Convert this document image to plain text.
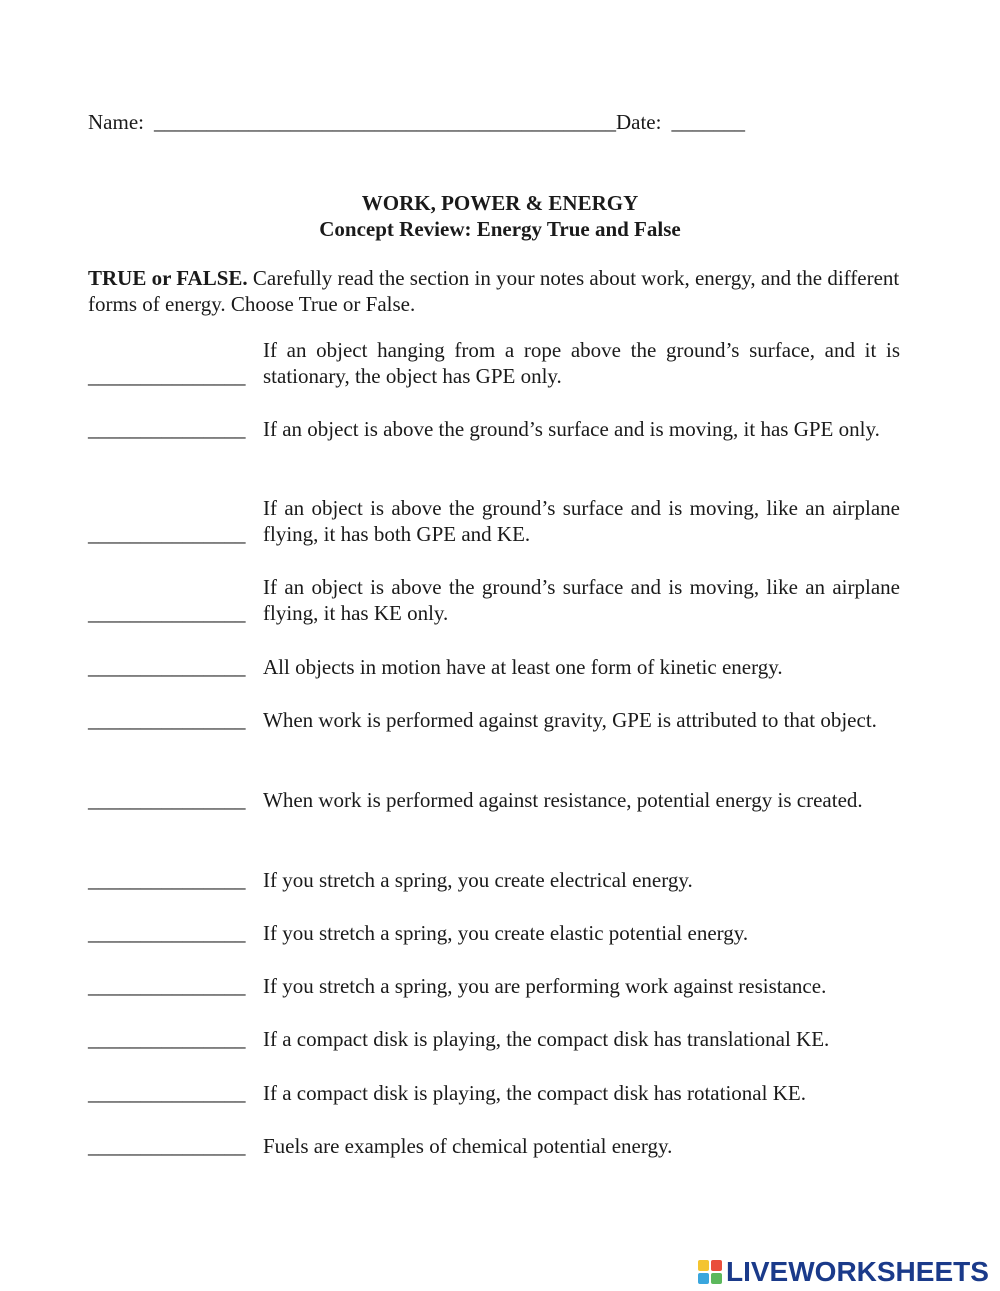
Name: ____________________________________________Date: _______
WORK, POWER & ENERGY
Concept Review: Energy True and False
TRUE or FALSE. Carefully read the section in your notes about work, energy, and the different forms of energy. Choose True or False.
_______________
If an object hanging from a rope above the ground’s surface, and it is stationary, the object has GPE only.
_______________ If an object is above the ground’s surface and is moving, it has GPE only.
_______________
If an object is above the ground’s surface and is moving, like an airplane flying, it has both GPE and KE.
_______________
If an object is above the ground’s surface and is moving, like an airplane flying, it has KE only.
_______________ All objects in motion have at least one form of kinetic energy.
_______________ When work is performed against gravity, GPE is attributed to that object.
_______________ When work is performed against resistance, potential energy is created.
_______________ If you stretch a spring, you create electrical energy.
_______________ If you stretch a spring, you create elastic potential energy.
_______________ If you stretch a spring, you are performing work against resistance.
_______________ If a compact disk is playing, the compact disk has translational KE.
_______________ If a compact disk is playing, the compact disk has rotational KE.
_______________ Fuels are examples of chemical potential energy.
LIVEWORKSHEETS
